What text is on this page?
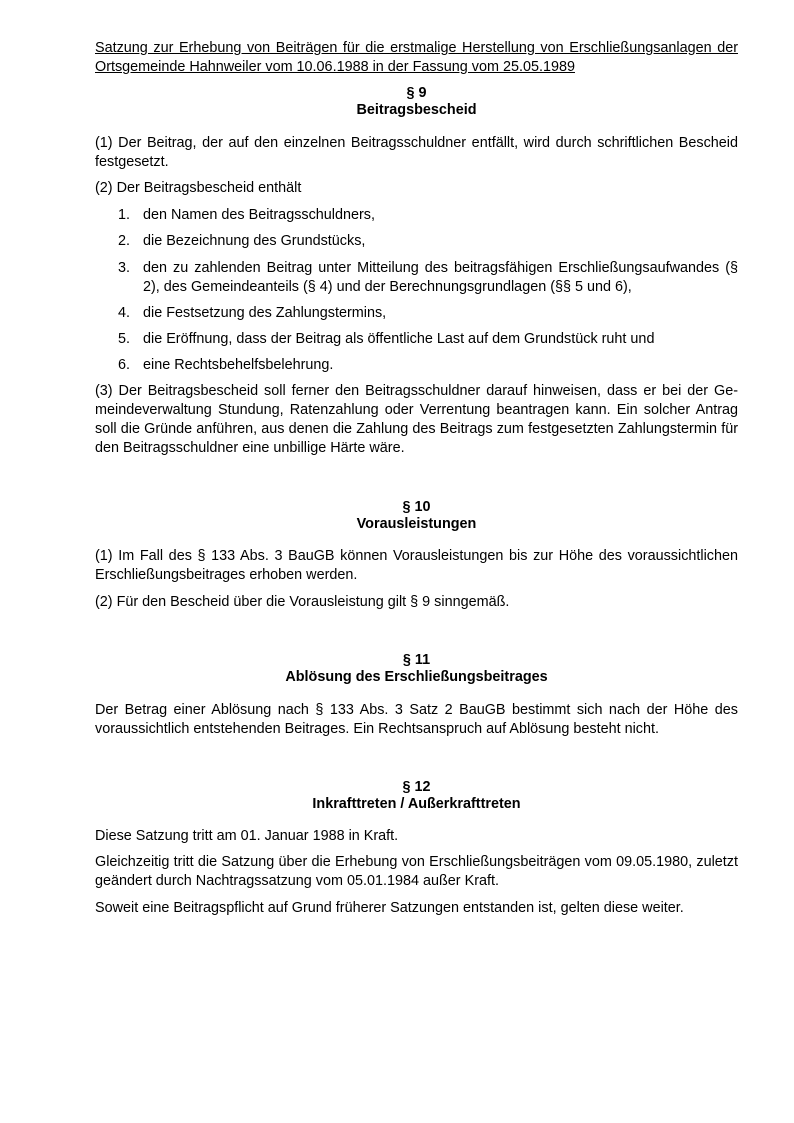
Satzung zur Erhebung von Beiträgen für die erstmalige Herstellung von Erschließungsanlagen der Ortsgemeinde Hahnweiler vom 10.06.1988 in der Fassung vom 25.05.1989
§ 9
Beitragsbescheid
(1) Der Beitrag, der auf den einzelnen Beitragsschuldner entfällt, wird durch schriftlichen Bescheid festgesetzt.
(2) Der Beitragsbescheid enthält
1. den Namen des Beitragsschuldners,
2. die Bezeichnung des Grundstücks,
3. den zu zahlenden Beitrag unter Mitteilung des beitragsfähigen Erschließungsaufwandes (§ 2), des Gemeindeanteils (§ 4) und der Berechnungsgrundlagen (§§ 5 und 6),
4. die Festsetzung des Zahlungstermins,
5. die Eröffnung, dass der Beitrag als öffentliche Last auf dem Grundstück ruht und
6. eine Rechtsbehelfsbelehrung.
(3) Der Beitragsbescheid soll ferner den Beitragsschuldner darauf hinweisen, dass er bei der Ge-meindeverwaltung Stundung, Ratenzahlung oder Verrentung beantragen kann. Ein solcher Antrag soll die Gründe anführen, aus denen die Zahlung des Beitrags zum festgesetzten Zahlungstermin für den Beitragsschuldner eine unbillige Härte wäre.
§ 10
Vorausleistungen
(1) Im Fall des § 133 Abs. 3 BauGB können Vorausleistungen bis zur Höhe des voraussichtlichen Erschließungsbeitrages erhoben werden.
(2) Für den Bescheid über die Vorausleistung gilt § 9 sinngemäß.
§ 11
Ablösung des Erschließungsbeitrages
Der Betrag einer Ablösung nach § 133 Abs. 3 Satz 2 BauGB bestimmt sich nach der Höhe des voraussichtlich entstehenden Beitrages. Ein Rechtsanspruch auf Ablösung besteht nicht.
§ 12
Inkrafttreten / Außerkrafttreten
Diese Satzung tritt am 01. Januar 1988 in Kraft.
Gleichzeitig tritt die Satzung über die Erhebung von Erschließungsbeiträgen vom 09.05.1980, zuletzt geändert durch Nachtragssatzung vom 05.01.1984 außer Kraft.
Soweit eine Beitragspflicht auf Grund früherer Satzungen entstanden ist, gelten diese weiter.
